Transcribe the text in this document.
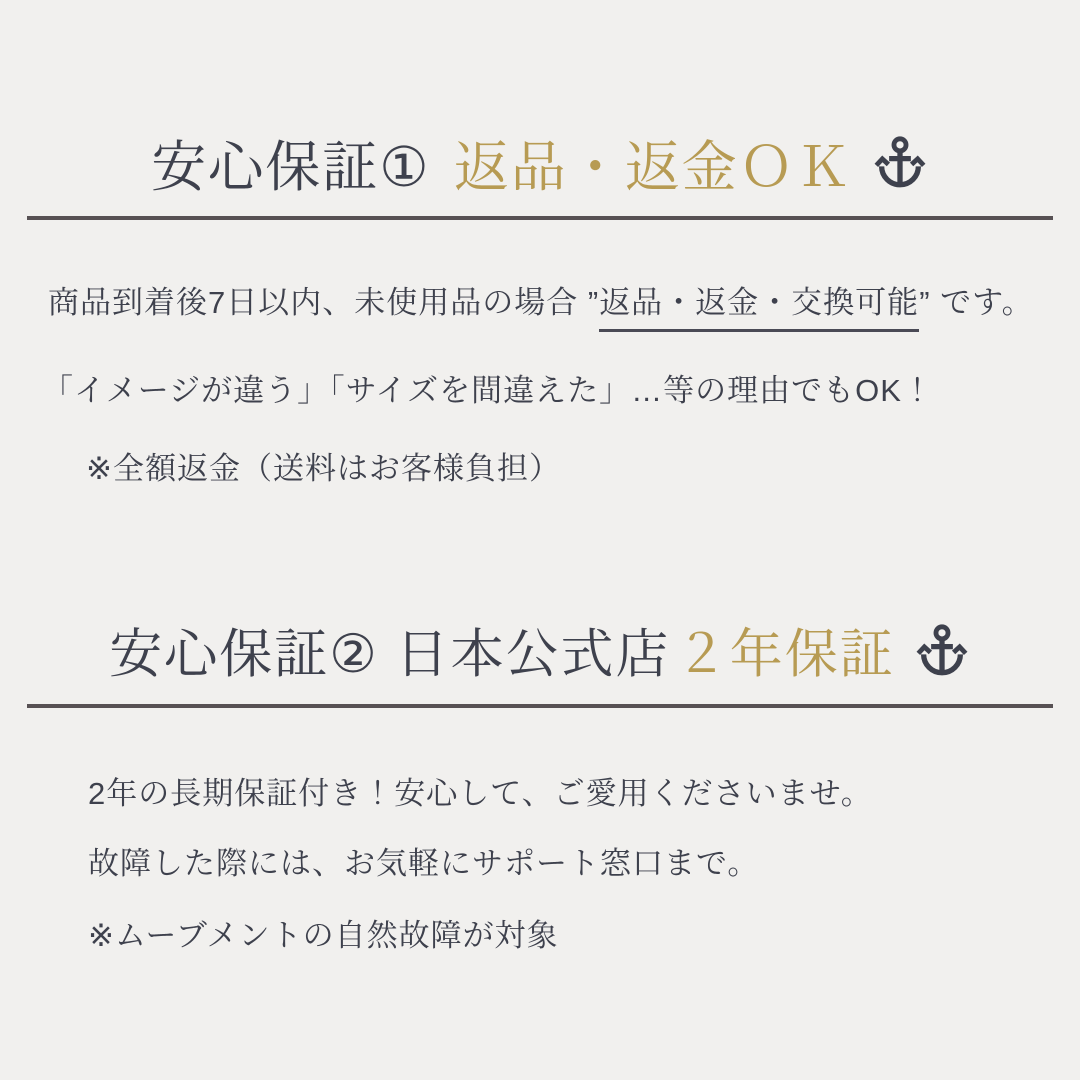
安心保証① 返品・返金ＯＫ

商品到着後7日以内、未使用品の場合 ”返品・返金・交換可能” です。

「イメージが違う」「サイズを間違えた」…等の理由でもOK！

※全額返金（送料はお客様負担）

安心保証② 日本公式店 ２年保証

2年の長期保証付き！安心して、ご愛用くださいませ。

故障した際には、お気軽にサポート窓口まで。

※ムーブメントの自然故障が対象
